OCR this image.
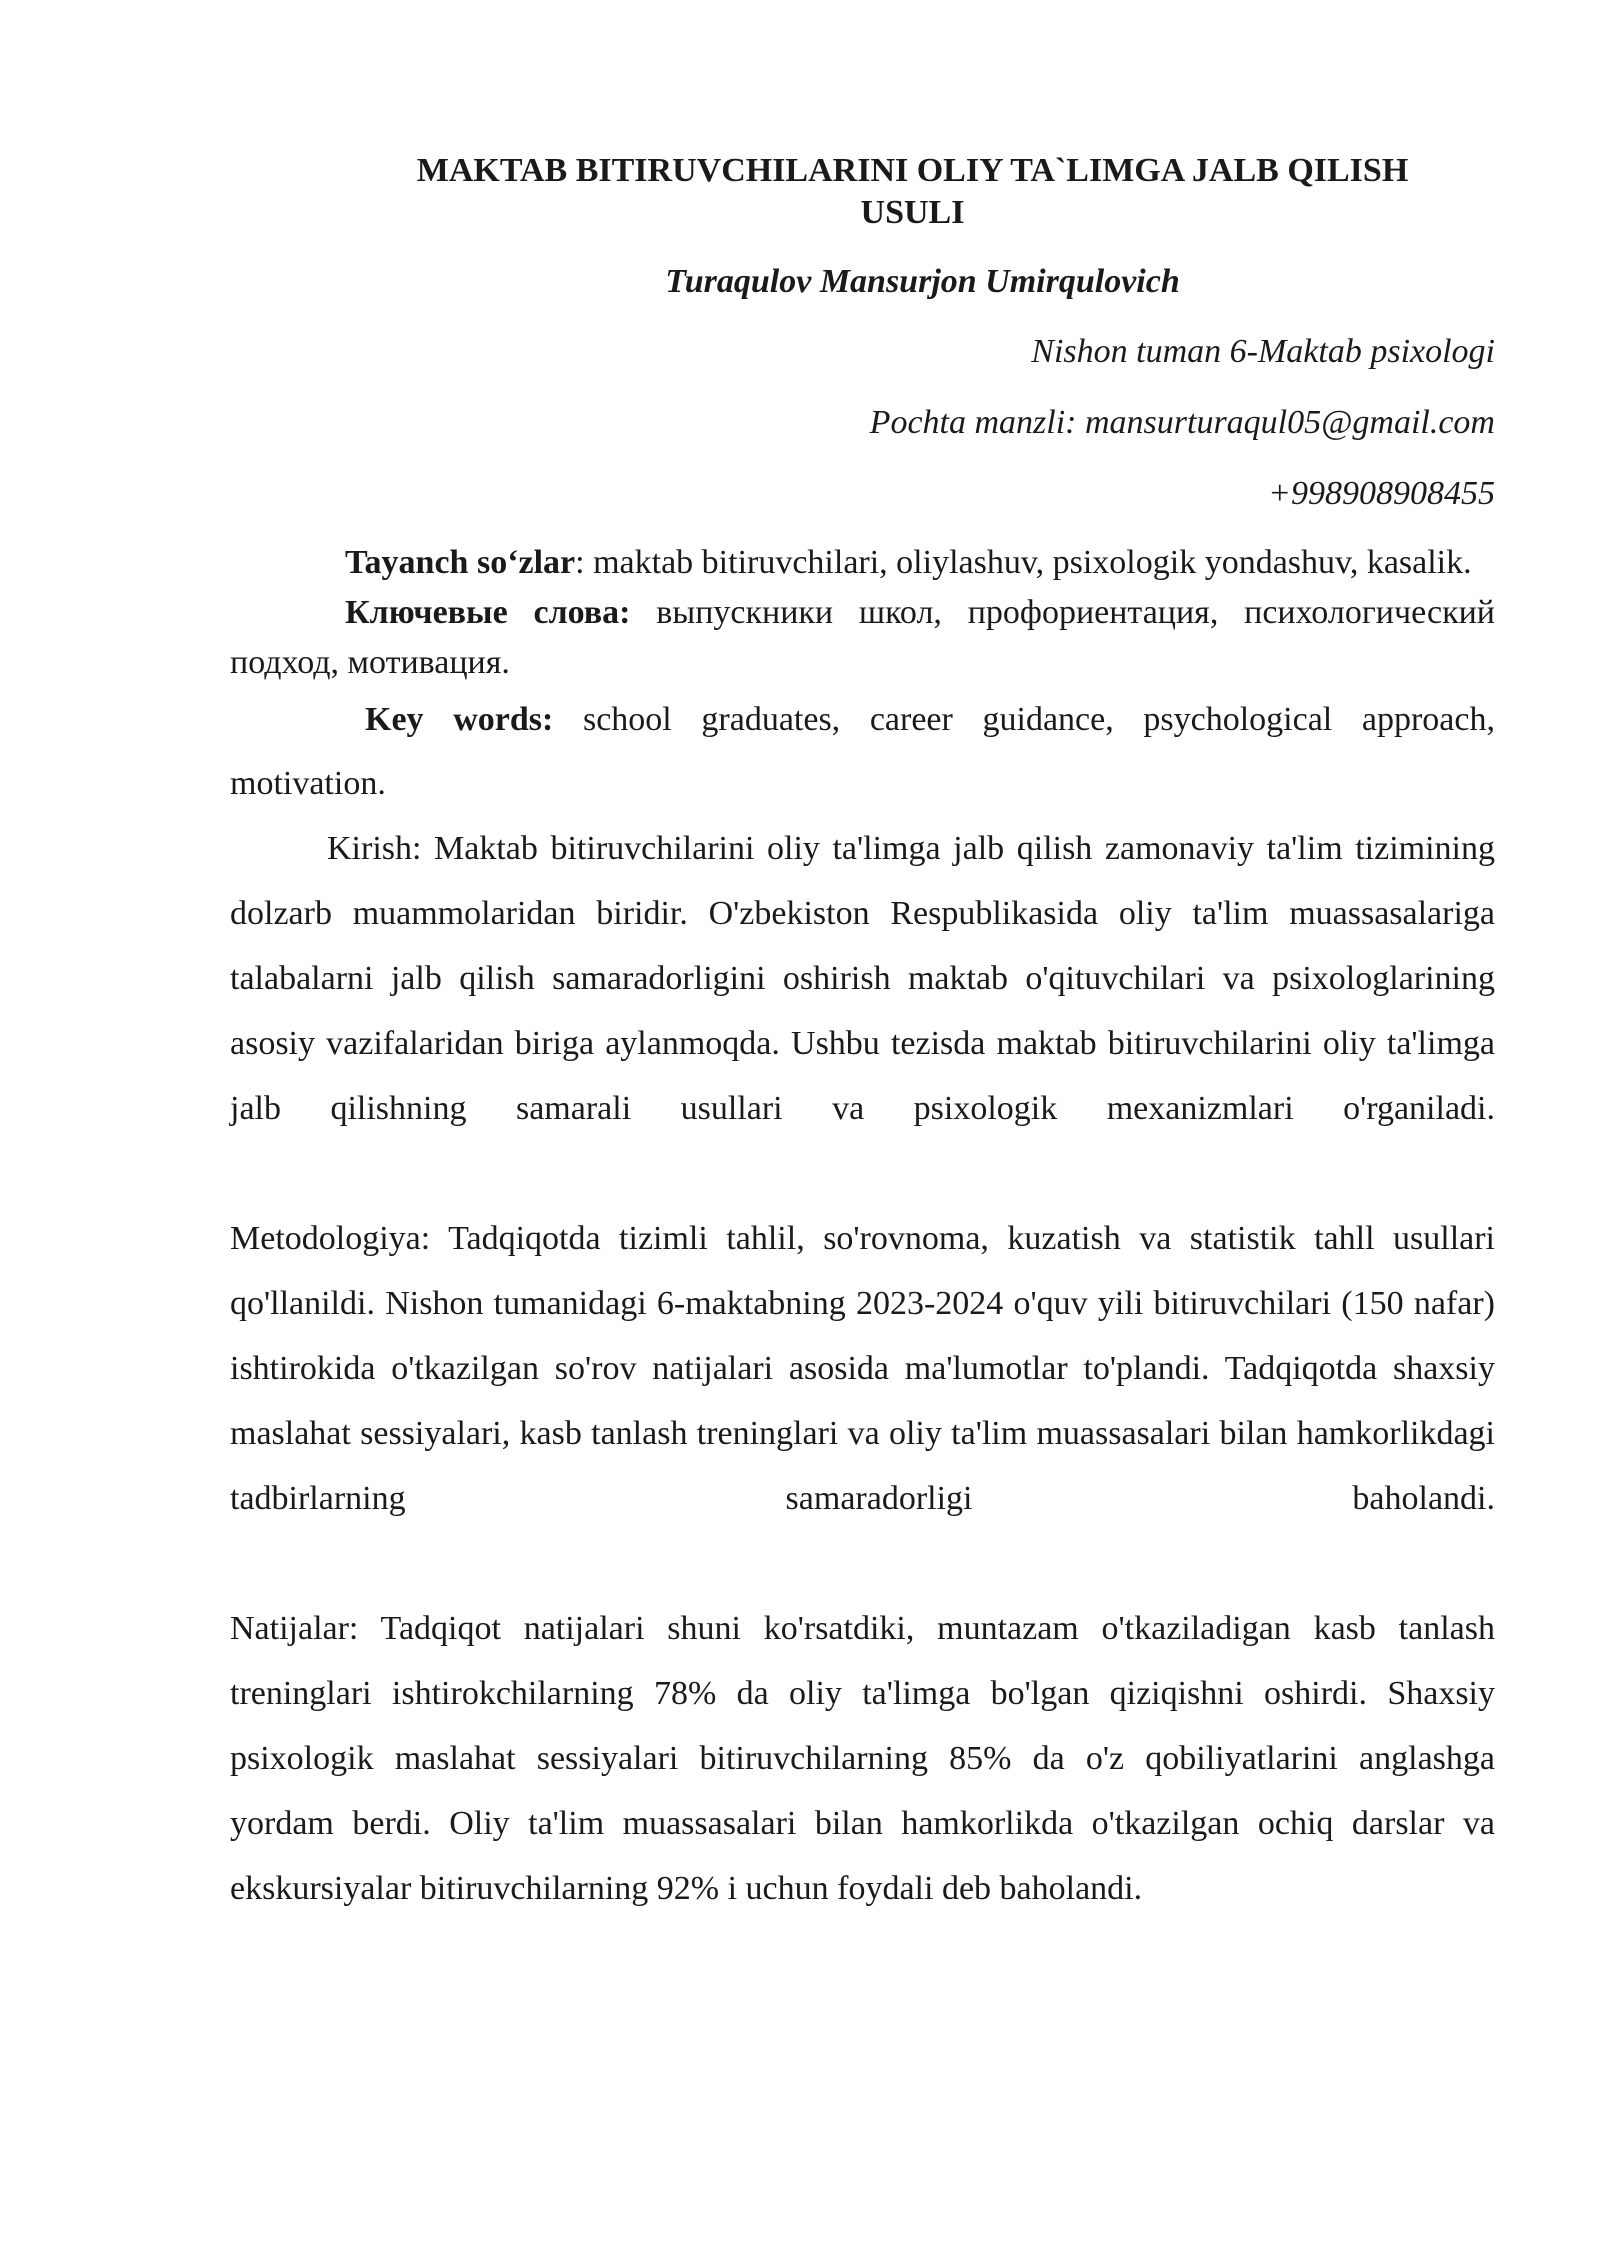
MAKTAB BITIRUVCHILARINI OLIY TA`LIMGA JALB QILISH USULI
Turaqulov Mansurjon Umirqulovich
Nishon tuman 6-Maktab psixologi
Pochta manzli: mansurturaqul05@gmail.com
+998908908455

Tayanch so‘zlar: maktab bitiruvchilari, oliylashuv, psixologik yondashuv, kasalik.

Ключевые слова: выпускники школ, профориентация, психологический подход, мотивация.

Key words: school graduates, career guidance, psychological approach, motivation.

Kirish: Maktab bitiruvchilarini oliy ta'limga jalb qilish zamonaviy ta'lim tizimining dolzarb muammolaridan biridir. O'zbekiston Respublikasida oliy ta'lim muassasalariga talabalarni jalb qilish samaradorligini oshirish maktab o'qituvchilari va psixologlarining asosiy vazifalaridan biriga aylanmoqda. Ushbu tezisda maktab bitiruvchilarini oliy ta'limga jalb qilishning samarali usullari va psixologik mexanizmlari o'rganiladi.

Metodologiya: Tadqiqotda tizimli tahlil, so'rovnoma, kuzatish va statistik tahll usullari qo'llanildi. Nishon tumanidagi 6-maktabning 2023-2024 o'quv yili bitiruvchilari (150 nafar) ishtirokida o'tkazilgan so'rov natijalari asosida ma'lumotlar to'plandi. Tadqiqotda shaxsiy maslahat sessiyalari, kasb tanlash treninglari va oliy ta'lim muassasalari bilan hamkorlikdagi tadbirlarning samaradorligi baholandi.

Natijalar: Tadqiqot natijalari shuni ko'rsatdiki, muntazam o'tkaziladigan kasb tanlash treninglari ishtirokchilarning 78% da oliy ta'limga bo'lgan qiziqishni oshirdi. Shaxsiy psixologik maslahat sessiyalari bitiruvchilarning 85% da o'z qobiliyatlarini anglashga yordam berdi. Oliy ta'lim muassasalari bilan hamkorlikda o'tkazilgan ochiq darslar va ekskursiyalar bitiruvchilarning 92% i uchun foydali deb baholandi.
